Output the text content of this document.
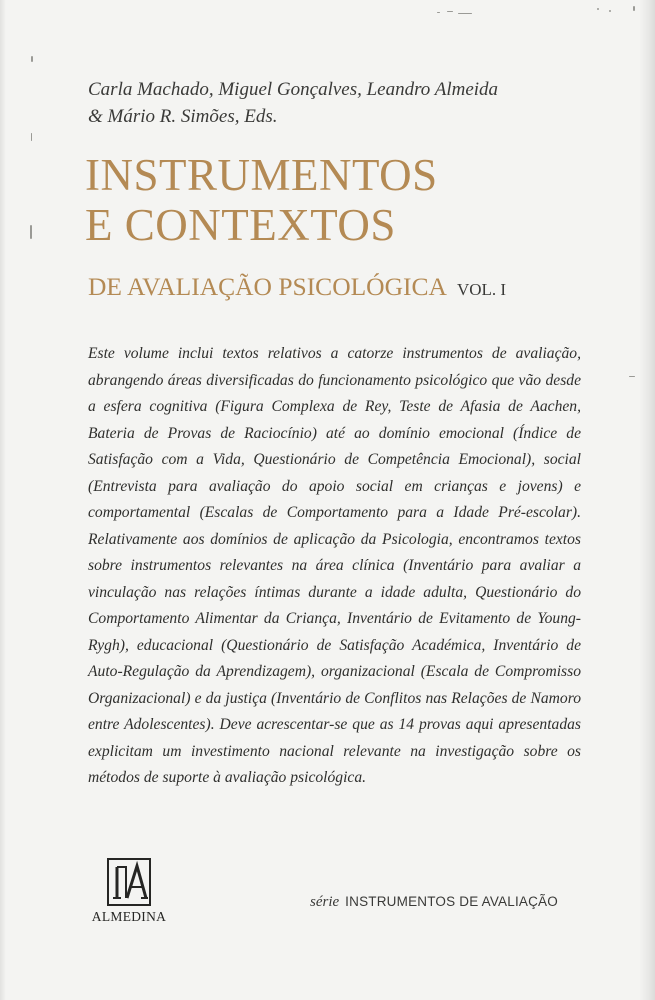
Carla Machado, Miguel Gonçalves, Leandro Almeida
& Mário R. Simões, Eds.
INSTRUMENTOS
E CONTEXTOS
DE AVALIAÇÃO PSICOLÓGICA VOL. I
Este volume inclui textos relativos a catorze instrumentos de avaliação, abrangendo áreas diversificadas do funcionamento psicológico que vão desde a esfera cognitiva (Figura Complexa de Rey, Teste de Afasia de Aachen, Bateria de Provas de Raciocínio) até ao domínio emocional (Índice de Satisfação com a Vida, Questionário de Competência Emocional), social (Entrevista para avaliação do apoio social em crianças e jovens) e comportamental (Escalas de Comportamento para a Idade Pré-escolar). Relativamente aos domínios de aplicação da Psicologia, encontramos textos sobre instrumentos relevantes na área clínica (Inventário para avaliar a vinculação nas relações íntimas durante a idade adulta, Questionário do Comportamento Alimentar da Criança, Inventário de Evitamento de Young-Rygh), educacional (Questionário de Satisfação Académica, Inventário de Auto-Regulação da Aprendizagem), organizacional (Escala de Compromisso Organizacional) e da justiça (Inventário de Conflitos nas Relações de Namoro entre Adolescentes). Deve acrescentar-se que as 14 provas aqui apresentadas explicitam um investimento nacional relevante na investigação sobre os métodos de suporte à avaliação psicológica.
ALMEDINA
série INSTRUMENTOS DE AVALIAÇÃO
